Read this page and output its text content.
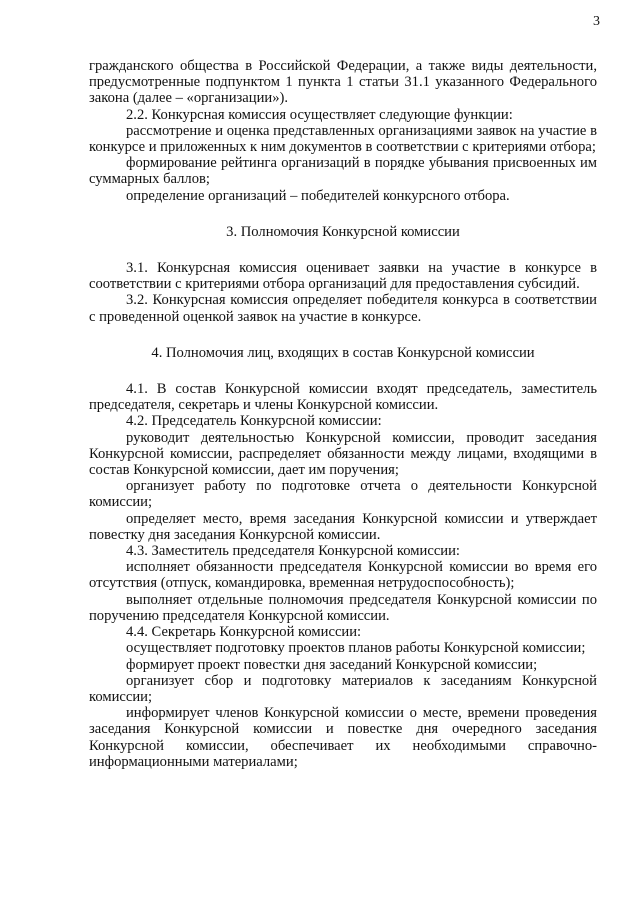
3

гражданского общества в Российской Федерации, а также виды деятельности, предусмотренные подпунктом 1 пункта 1 статьи 31.1 указанного Федерального закона (далее – «организации»).

2.2. Конкурсная комиссия осуществляет следующие функции:

рассмотрение и оценка представленных организациями заявок на участие в конкурсе и приложенных к ним документов в соответствии с критериями отбора;

формирование рейтинга организаций в порядке убывания присвоенных им суммарных баллов;

определение организаций – победителей конкурсного отбора.

3. Полномочия Конкурсной комиссии

3.1. Конкурсная комиссия оценивает заявки на участие в конкурсе в соответствии с критериями отбора организаций для предоставления субсидий.

3.2. Конкурсная комиссия определяет победителя конкурса в соответствии с проведенной оценкой заявок на участие в конкурсе.

4. Полномочия лиц, входящих в состав Конкурсной комиссии

4.1. В состав Конкурсной комиссии входят председатель, заместитель председателя, секретарь и члены Конкурсной комиссии.

4.2. Председатель Конкурсной комиссии:

руководит деятельностью Конкурсной комиссии, проводит заседания Конкурсной комиссии, распределяет обязанности между лицами, входящими в состав Конкурсной комиссии, дает им поручения;

организует работу по подготовке отчета о деятельности Конкурсной комиссии;

определяет место, время заседания Конкурсной комиссии и утверждает повестку дня заседания Конкурсной комиссии.

4.3. Заместитель председателя Конкурсной комиссии:

исполняет обязанности председателя Конкурсной комиссии во время его отсутствия (отпуск, командировка, временная нетрудоспособность);

выполняет отдельные полномочия председателя Конкурсной комиссии по поручению председателя Конкурсной комиссии.

4.4. Секретарь Конкурсной комиссии:

осуществляет подготовку проектов планов работы Конкурсной комиссии;

формирует проект повестки дня заседаний Конкурсной комиссии;

организует сбор и подготовку материалов к заседаниям Конкурсной комиссии;

информирует членов Конкурсной комиссии о месте, времени проведения заседания Конкурсной комиссии и повестке дня очередного заседания Конкурсной комиссии, обеспечивает их необходимыми справочно-информационными материалами;
